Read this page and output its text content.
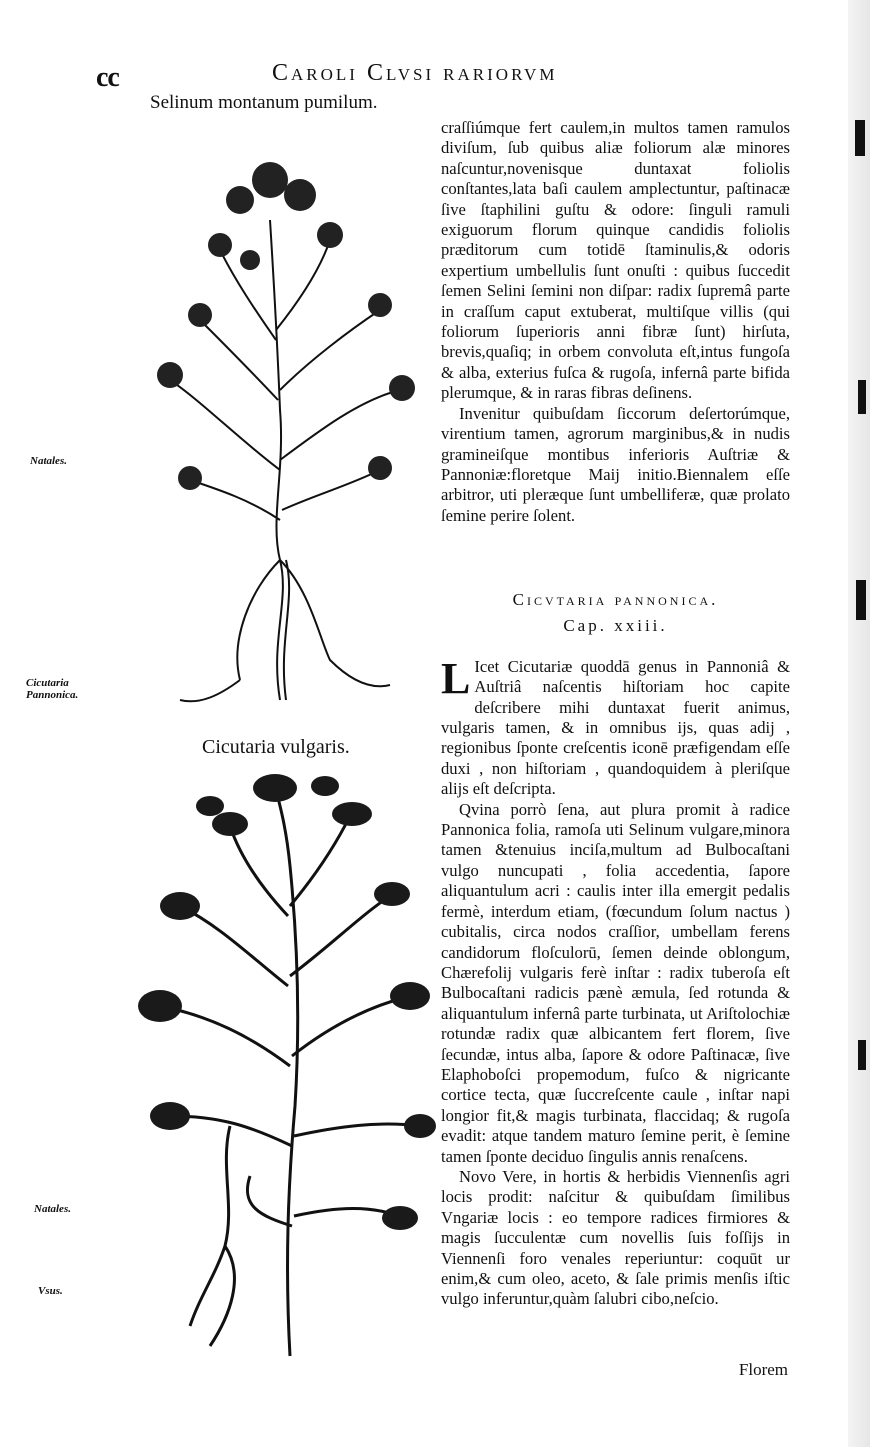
cc	Caroli Clvsi rariorvm
Selinum montanum pumilum.
Natales.
Cicutaria
Pannonica.
Cicutaria vulgaris.
Natales.
Vsus.

craſſiúmque fert caulem,in multos tamen ramulos diviſum, ſub quibus aliæ foliorum alæ minores naſcuntur,novenisque duntaxat foliolis conſtantes,lata baſi caulem amplectuntur, paſtinacæ ſive ſtaphilini guſtu & odore: ſinguli ramuli exiguorum florum quinque candidis foliolis præditorum cum totidē ſtaminulis,& odoris expertium umbellulis ſunt onuſti : quibus ſuccedit ſemen Selini ſemini non diſpar: radix ſupremâ parte in craſſum caput extuberat, multiſque villis (qui foliorum ſuperioris anni fibræ ſunt) hirſuta, brevis,quaſiq; in orbem convoluta eſt,intus fungoſa & alba, exterius fuſca & rugoſa, infernâ parte bifida plerumque, & in raras fibras deſinens.

Invenitur quibuſdam ſiccorum deſertorúmque, virentium tamen, agrorum marginibus,& in nudis gramineiſque montibus inferioris Auſtriæ & Pannoniæ:floretque Maij initio.Biennalem eſſe arbitror, uti pleræque ſunt umbelliferæ, quæ prolato ſemine perire ſolent.

Cicvtaria pannonica.
Cap. xxiii.

L Icet Cicutariæ quoddā genus in Pannoniâ & Auſtriâ naſcentis hiſtoriam hoc capite deſcribere mihi duntaxat fuerit animus, vulgaris tamen, & in omnibus ijs, quas adij , regionibus ſponte creſcentis iconē præfigendam eſſe duxi , non hiſtoriam , quandoquidem à pleriſque alijs eſt deſcripta.

Qvina porrò ſena, aut plura promit à radice Pannonica folia, ramoſa uti Selinum vulgare,minora tamen &tenuius inciſa,multum ad Bulbocaſtani vulgo nuncupati , folia accedentia, ſapore aliquantulum acri : caulis inter illa emergit pedalis fermè, interdum etiam, (fœcundum ſolum nactus ) cubitalis, circa nodos craſſior, umbellam ferens candidorum floſculorū, ſemen deinde oblongum, Chærefolij vulgaris ferè inſtar : radix tuberoſa eſt Bulbocaſtani radicis pænè æmula, ſed rotunda & aliquantulum infernâ parte turbinata, ut Ariſtolochiæ rotundæ radix quæ albicantem fert florem, ſive ſecundæ, intus alba, ſapore & odore Paſtinacæ, ſive Elaphoboſci propemodum, fuſco & nigricante cortice tecta, quæ ſuccreſcente caule , inſtar napi longior fit,& magis turbinata, flaccidaq; & rugoſa evadit: atque tandem maturo ſemine perit, è ſemine tamen ſponte deciduo ſingulis annis renaſcens.

Novo Vere, in hortis & herbidis Viennenſis agri locis prodit: naſcitur & quibuſdam ſimilibus Vngariæ locis : eo tempore radices firmiores & magis ſucculentæ cum novellis ſuis foſſijs in Viennenſi foro venales reperiuntur: coquūt ur enim,& cum oleo, aceto, & ſale primis menſis iſtic vulgo inferuntur,quàm ſalubri cibo,neſcio.

Florem
